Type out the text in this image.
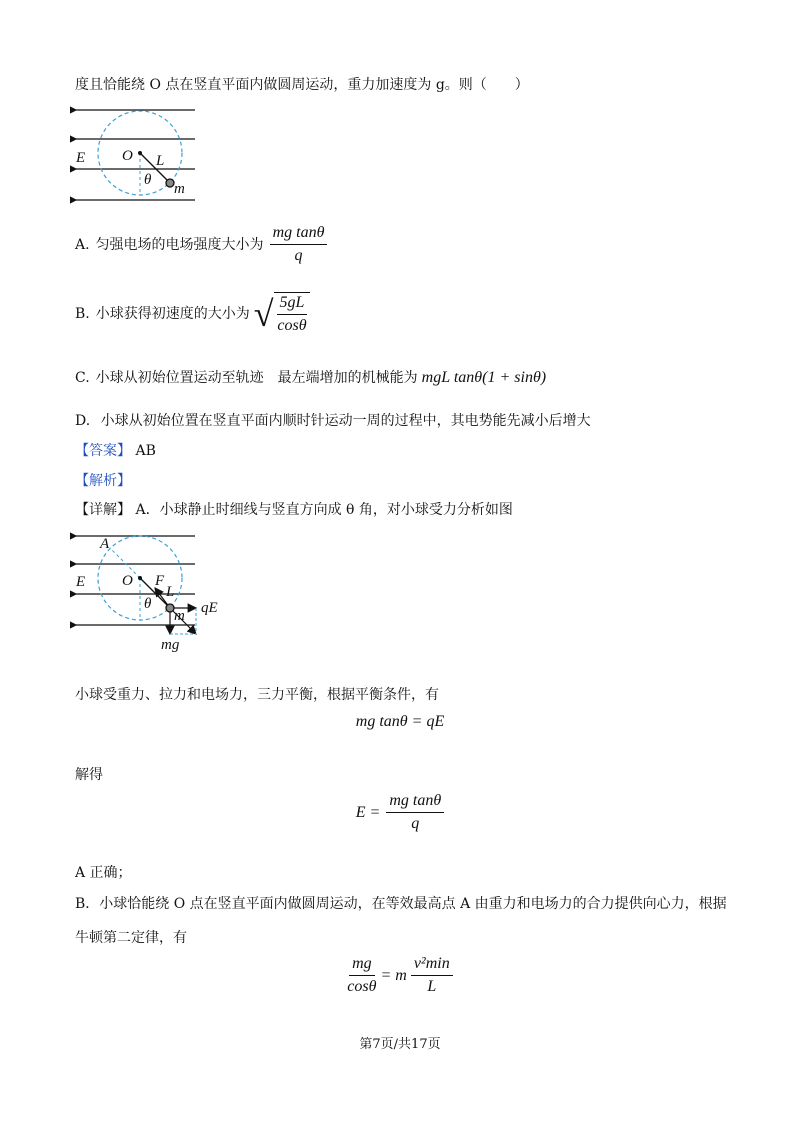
度且恰能绕 O 点在竖直平面内做圆周运动，重力加速度为 g。则（　　）
E O L
θ
m
A. 匀强电场的电场强度大小为 $\frac{\text{mg tanθ}}{q}$
B. 小球获得初速度的大小为 √ $\frac{5gL}{\cos\theta}$
C. 小球从初始位置运动至轨迹　最左端增加的机械能为 mgL tanθ(1 + sinθ)
D. 小球从初始位置在竖直平面内顺时针运动一周的过程中，其电势能先减小后增大
【答案】 AB
【解析】
【详解】 A．小球静止时细线与竖直方向成 θ 角，对小球受力分析如图
A
E O F
L
θ
m qE
mg
小球受重力、拉力和电场力，三力平衡，根据平衡条件，有
mg tanθ = qE
解得
$E = \frac{\text{mg tanθ}}{q}$
A 正确；
B．小球恰能绕 O 点在竖直平面内做圆周运动，在等效最高点 A 由重力和电场力的合力提供向心力，根据
牛顿第二定律，有
$\frac{mg}{\cos\theta} = m \frac{\text{v²min}}{L}$
第7页/共17页
